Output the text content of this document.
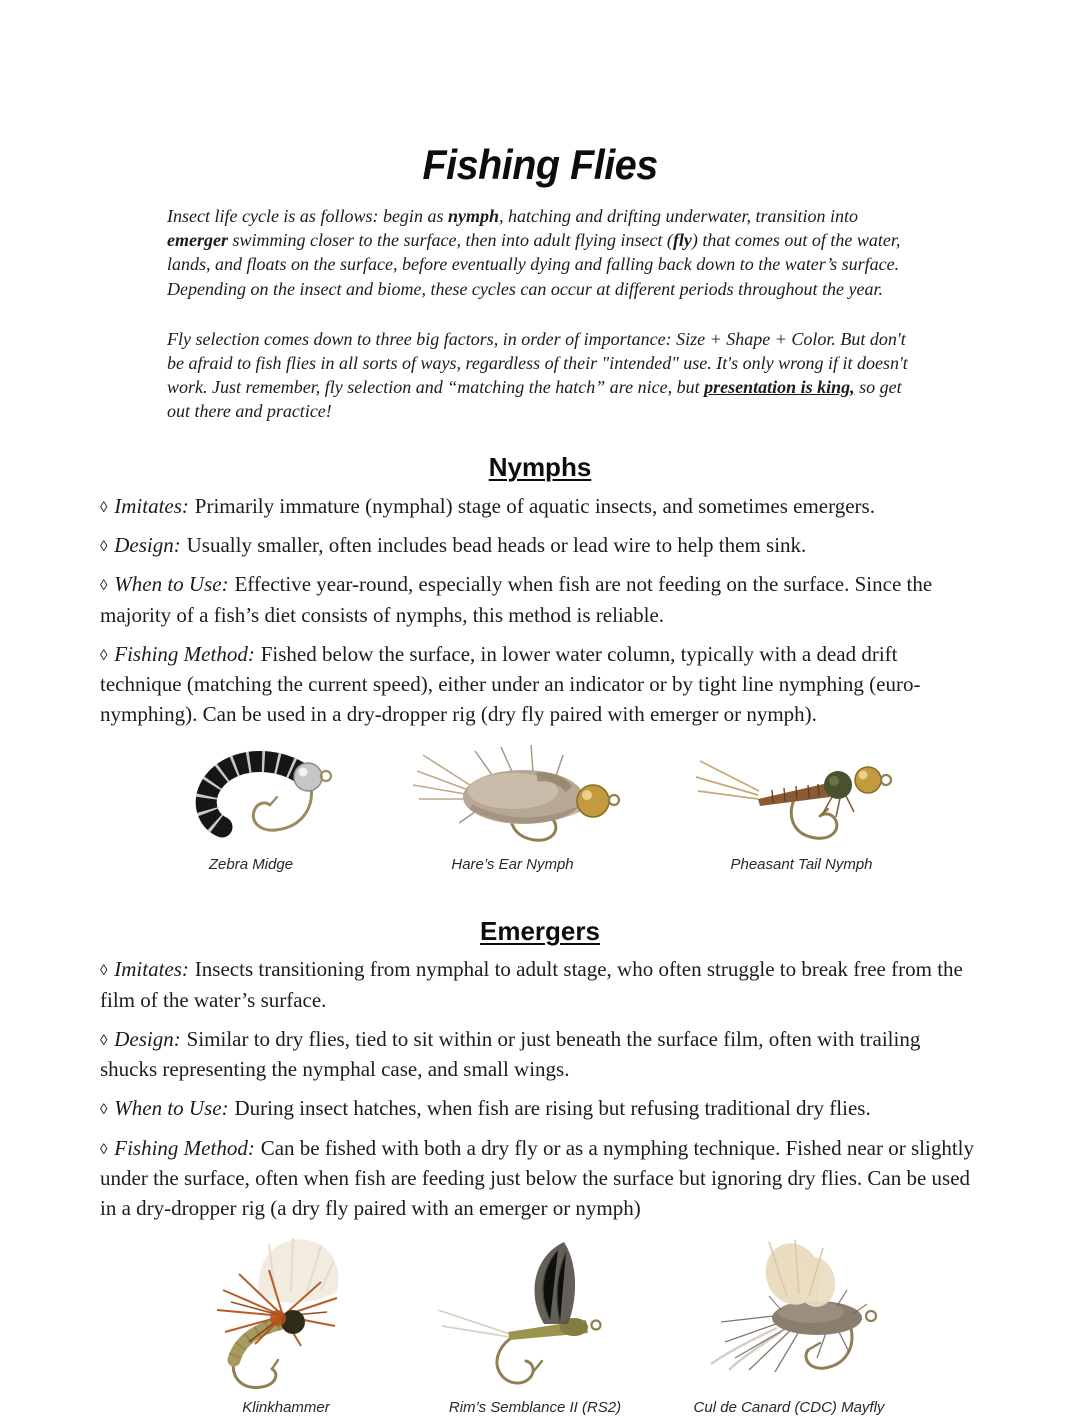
Fishing Flies

Insect life cycle is as follows: begin as nymph, hatching and drifting underwater, transition into emerger swimming closer to the surface, then into adult flying insect (fly) that comes out of the water, lands, and floats on the surface, before eventually dying and falling back down to the water’s surface. Depending on the insect and biome, these cycles can occur at different periods throughout the year.

Fly selection comes down to three big factors, in order of importance: Size + Shape + Color. But don't be afraid to fish flies in all sorts of ways, regardless of their "intended" use. It's only wrong if it doesn't work. Just remember, fly selection and “matching the hatch” are nice, but presentation is king, so get out there and practice!

Nymphs

◊ Imitates: Primarily immature (nymphal) stage of aquatic insects, and sometimes emergers.

◊ Design: Usually smaller, often includes bead heads or lead wire to help them sink.

◊ When to Use: Effective year-round, especially when fish are not feeding on the surface. Since the majority of a fish’s diet consists of nymphs, this method is reliable.

◊ Fishing Method: Fished below the surface, in lower water column, typically with a dead drift technique (matching the current speed), either under an indicator or by tight line nymphing (euro-nymphing). Can be used in a dry-dropper rig (dry fly paired with emerger or nymph).

Zebra Midge	Hare’s Ear Nymph	Pheasant Tail Nymph
Emergers

◊ Imitates: Insects transitioning from nymphal to adult stage, who often struggle to break free from the film of the water’s surface.

◊ Design: Similar to dry flies, tied to sit within or just beneath the surface film, often with trailing shucks representing the nymphal case, and small wings.

◊ When to Use: During insect hatches, when fish are rising but refusing traditional dry flies.

◊ Fishing Method: Can be fished with both a dry fly or as a nymphing technique. Fished near or slightly under the surface, often when fish are feeding just below the surface but ignoring dry flies. Can be used in a dry-dropper rig (a dry fly paired with an emerger or nymph)

Klinkhammer	Rim’s Semblance II (RS2)	Cul de Canard (CDC) Mayfly
